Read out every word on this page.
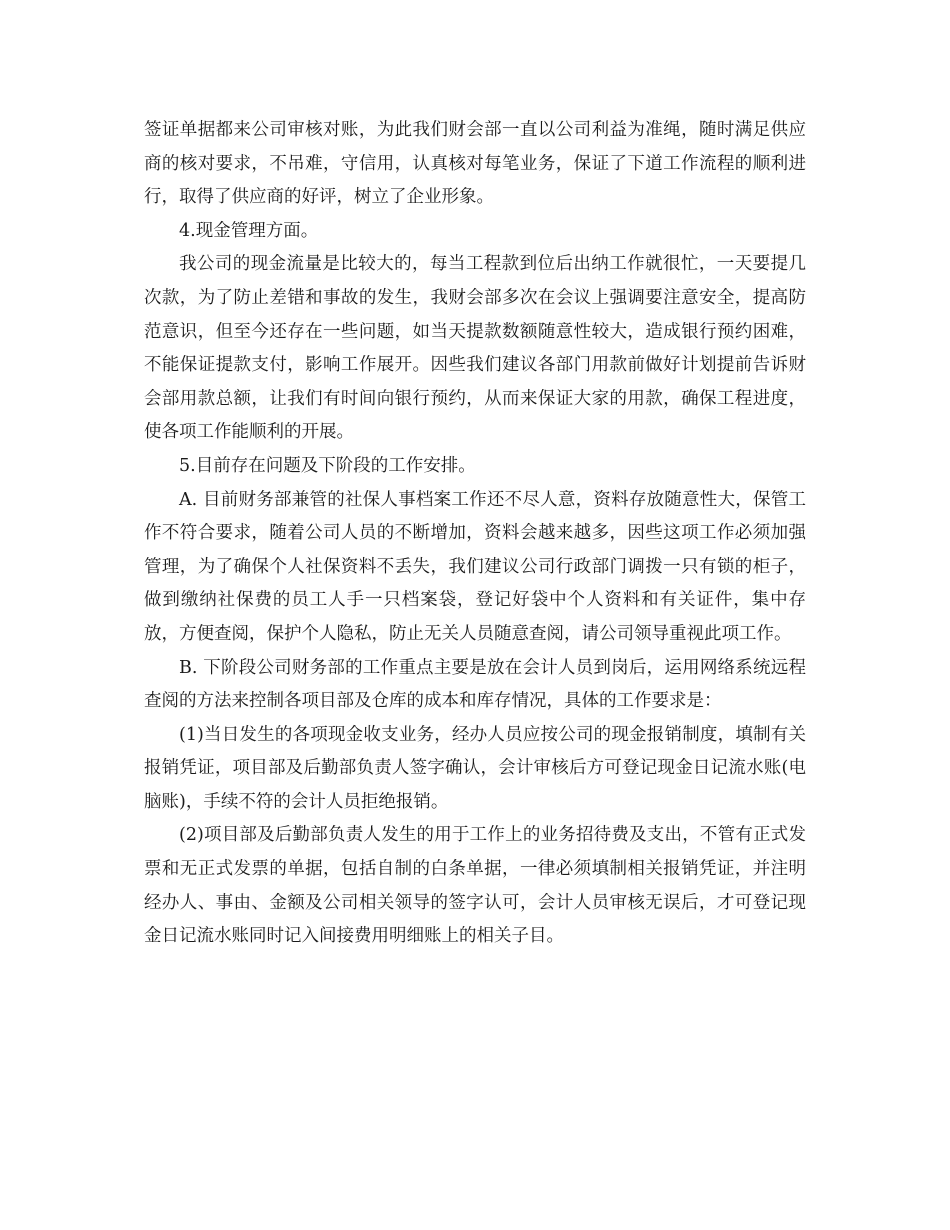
签证单据都来公司审核对账，为此我们财会部一直以公司利益为准绳，随时满足供应商的核对要求，不吊难，守信用，认真核对每笔业务，保证了下道工作流程的顺利进行，取得了供应商的好评，树立了企业形象。

4.现金管理方面。

我公司的现金流量是比较大的，每当工程款到位后出纳工作就很忙，一天要提几次款，为了防止差错和事故的发生，我财会部多次在会议上强调要注意安全，提高防范意识，但至今还存在一些问题，如当天提款数额随意性较大，造成银行预约困难，不能保证提款支付，影响工作展开。因些我们建议各部门用款前做好计划提前告诉财会部用款总额，让我们有时间向银行预约，从而来保证大家的用款，确保工程进度，使各项工作能顺利的开展。

5.目前存在问题及下阶段的工作安排。

A. 目前财务部兼管的社保人事档案工作还不尽人意，资料存放随意性大，保管工作不符合要求，随着公司人员的不断增加，资料会越来越多，因些这项工作必须加强管理，为了确保个人社保资料不丢失，我们建议公司行政部门调拨一只有锁的柜子，做到缴纳社保费的员工人手一只档案袋，登记好袋中个人资料和有关证件，集中存放，方便查阅，保护个人隐私，防止无关人员随意查阅，请公司领导重视此项工作。

B. 下阶段公司财务部的工作重点主要是放在会计人员到岗后，运用网络系统远程查阅的方法来控制各项目部及仓库的成本和库存情况，具体的工作要求是：

(1)当日发生的各项现金收支业务，经办人员应按公司的现金报销制度，填制有关报销凭证，项目部及后勤部负责人签字确认，会计审核后方可登记现金日记流水账(电脑账)，手续不符的会计人员拒绝报销。

(2)项目部及后勤部负责人发生的用于工作上的业务招待费及支出，不管有正式发票和无正式发票的单据，包括自制的白条单据，一律必须填制相关报销凭证，并注明经办人、事由、金额及公司相关领导的签字认可，会计人员审核无误后，才可登记现金日记流水账同时记入间接费用明细账上的相关子目。
